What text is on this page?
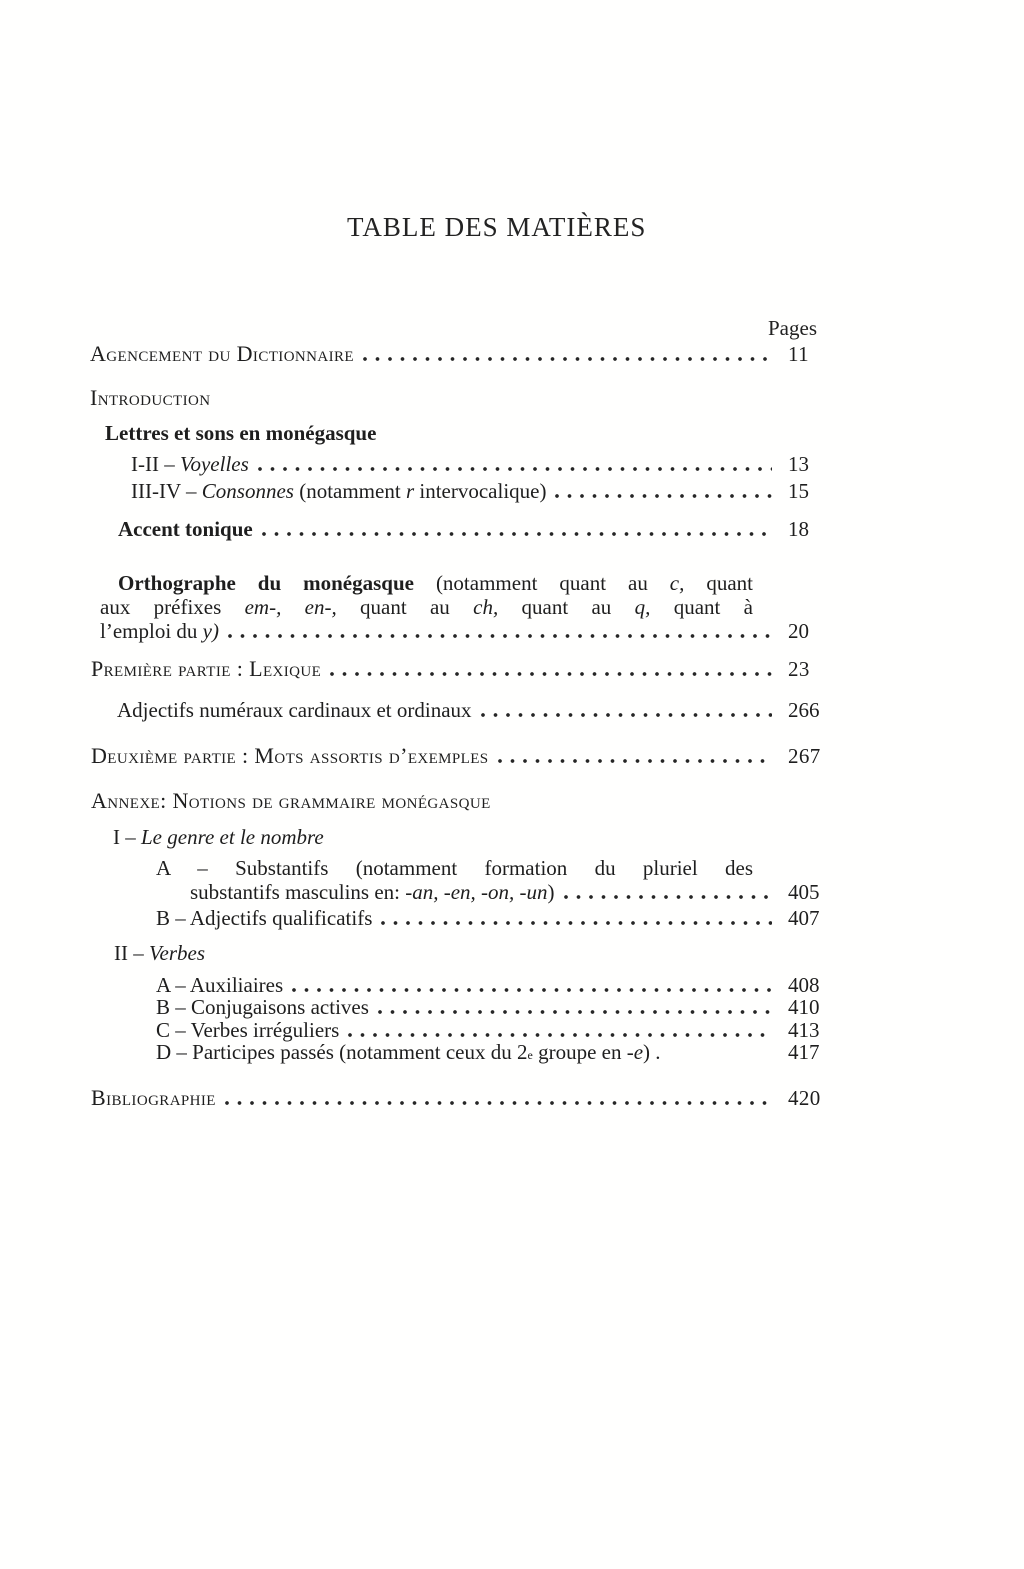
TABLE DES MATIÈRES
Pages
Agencement du Dictionnaire	11
Introduction
Lettres et sons en monégasque
I-II – Voyelles	13
III-IV – Consonnes (notamment r intervocalique)	15
Accent tonique	18
Orthographe du monégasque (notamment quant au c, quant
aux préfixes em-, en-, quant au ch, quant au q, quant à
l’emploi du y)	20
Première partie : Lexique	23
Adjectifs numéraux cardinaux et ordinaux	266
Deuxième partie : Mots assortis d’exemples	267
Annexe: Notions de grammaire monégasque
I – Le genre et le nombre
A – Substantifs (notamment formation du pluriel des
substantifs masculins en: -an, -en, -on, -un )	405
B – Adjectifs qualificatifs	407
II – Verbes
A – Auxiliaires	408
B – Conjugaisons actives	410
C – Verbes irréguliers	413
D – Participes passés (notamment ceux du 2 e groupe en -e ) .	417
Bibliographie	420
